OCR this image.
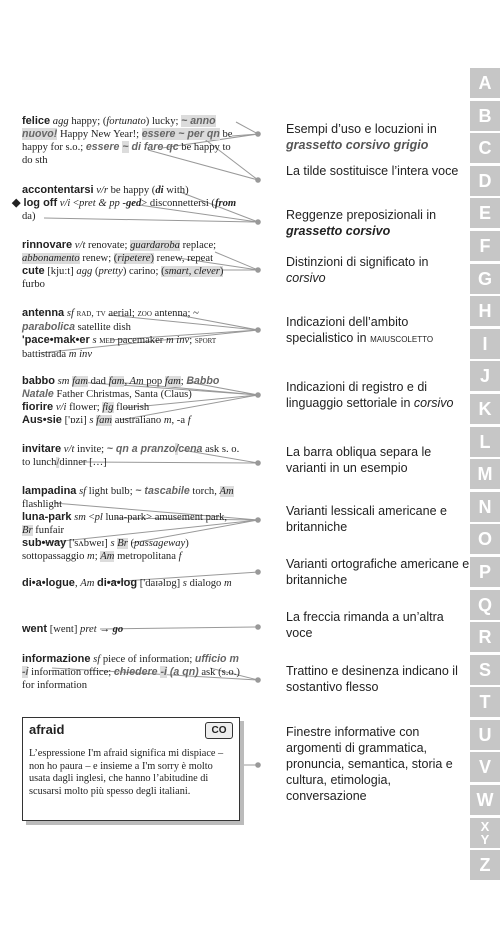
felice agg happy; (fortunato) lucky; ~ anno nuovo! Happy New Year!; essere ~ per qn be happy for s.o.; essere ~ di fare qc be happy to do sth
accontentarsi v/r be happy (di with)
◆ log off v/i <pret & pp -ged> disconnettersi (from da)
rinnovare v/t renovate; guardaroba replace; abbonamento renew; (ripetere) renew, repeat
cute [kjuːt] agg (pretty) carino; (smart, clever) furbo
antenna sf rad, tv aerial; zoo antenna; ~ parabolica satellite dish
'pace•mak•er s med pacemaker m inv; sport battistrada m inv
babbo sm fam dad fam, Am pop fam; Babbo Natale Father Christmas, Santa (Claus)
fiorire v/i flower; fig flourish
Aus•sie ['ɒzi] s fam australiano m, -a f
invitare v/t invite; ~ qn a pranzo/cena ask s. o. to lunch/dinner […]
lampadina sf light bulb; ~ tascabile torch, Am flashlight
luna-park sm <pl luna-park> amusement park, Br funfair
sub•way ['sʌbweɪ] s Br (passageway) sottopassaggio m; Am metropolitana f
di•a•logue, Am di•a•log ['daɪəlɒg] s dialogo m
went [went] pret → go
informazione sf piece of information; ufficio m -i information office; chiedere -i (a qn) ask (s.o.) for information
afraid	CO
L’espressione I'm afraid significa mi dispiace – non ho paura – e insieme a I'm sorry è molto usata dagli inglesi, che hanno l’abitudine di scusarsi molto più spesso degli italiani.
Esempi d’uso e locuzioni in grassetto corsivo grigio
La tilde sostituisce l’intera voce
Reggenze preposizionali in grassetto corsivo
Distinzioni di significato in corsivo
Indicazioni dell’ambito specialistico in maiuscoletto
Indicazioni di registro e di linguaggio settoriale in corsivo
La barra obliqua separa le varianti in un esempio
Varianti lessicali americane e britanniche
Varianti ortografiche americane e britanniche
La freccia rimanda a un’altra voce
Trattino e desinenza indicano il sostantivo flesso
Finestre informative con argomenti di grammatica, pronuncia, semantica, storia e cultura, etimologia, conversazione
A
B
C
D
E
F
G
H
I
J
K
L
M
N
O
P
Q
R
S
T
U
V
W
X
Y
Z
